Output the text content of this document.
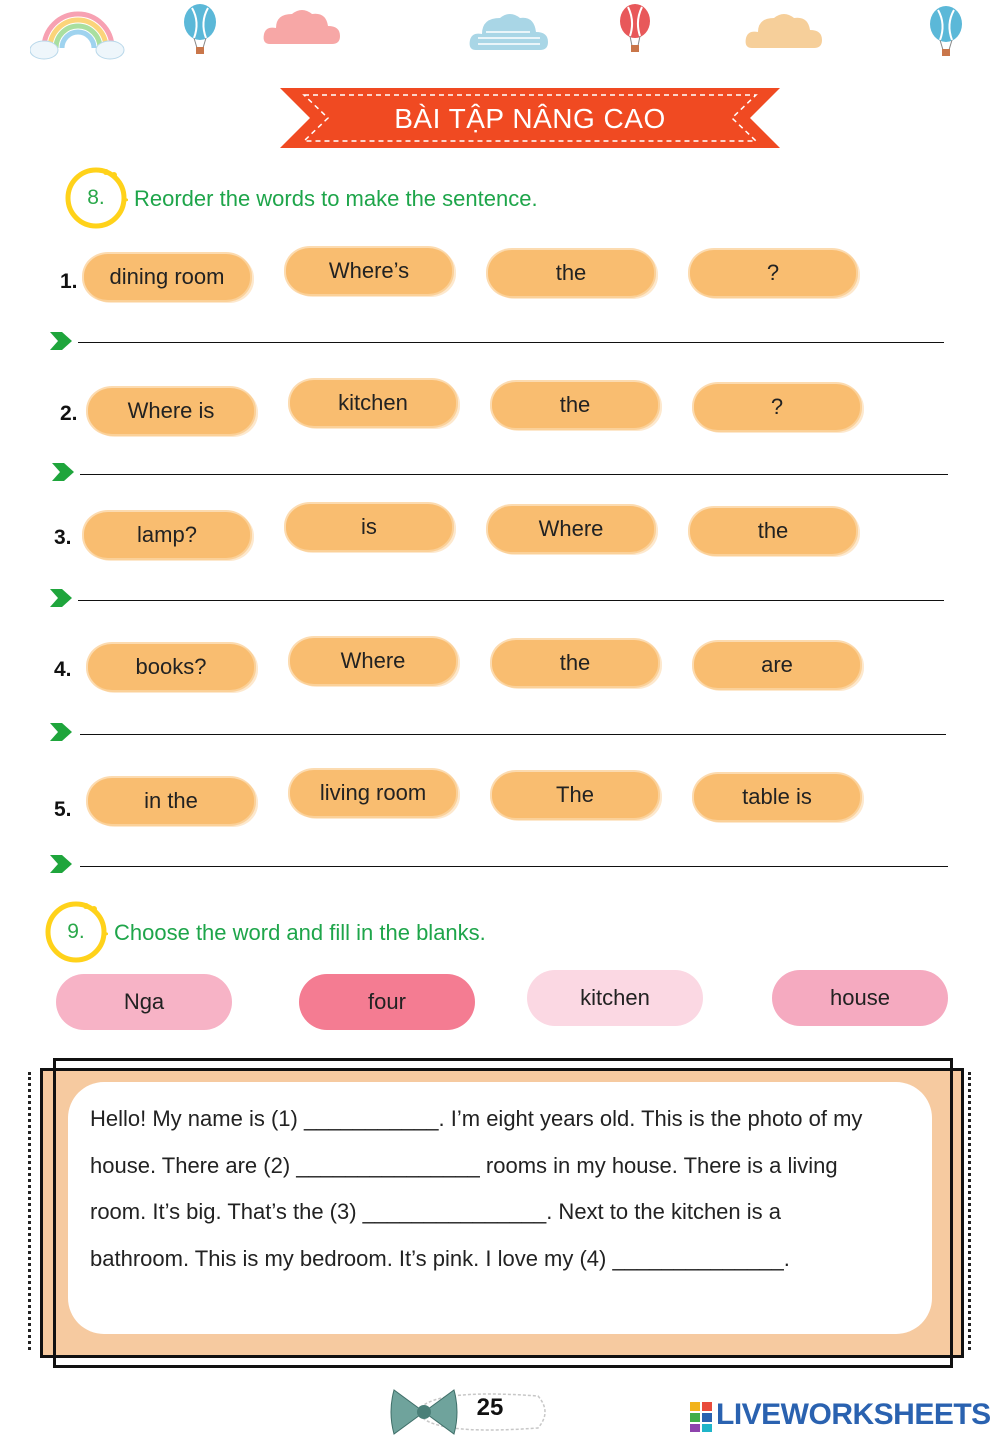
BÀI TẬP NÂNG CAO
8.	Reorder the words to make the sentence.
1.	dining room	Where’s	the	?
2.	Where is	kitchen	the	?
3.	lamp?	is	Where	the
4.	books?	Where	the	are
5.	in the	living room	The	table is
9.	Choose the word and fill in the blanks.
Nga	four	kitchen	house
Hello! My name is (1) ___________. I’m eight years old. This is the photo of my
house. There are (2) _______________ rooms in my house. There is a living
room. It’s big. That’s the (3) _______________. Next to the kitchen is a
bathroom. This is my bedroom. It’s pink. I love my (4) ______________.
25	LIVEWORKSHEETS
